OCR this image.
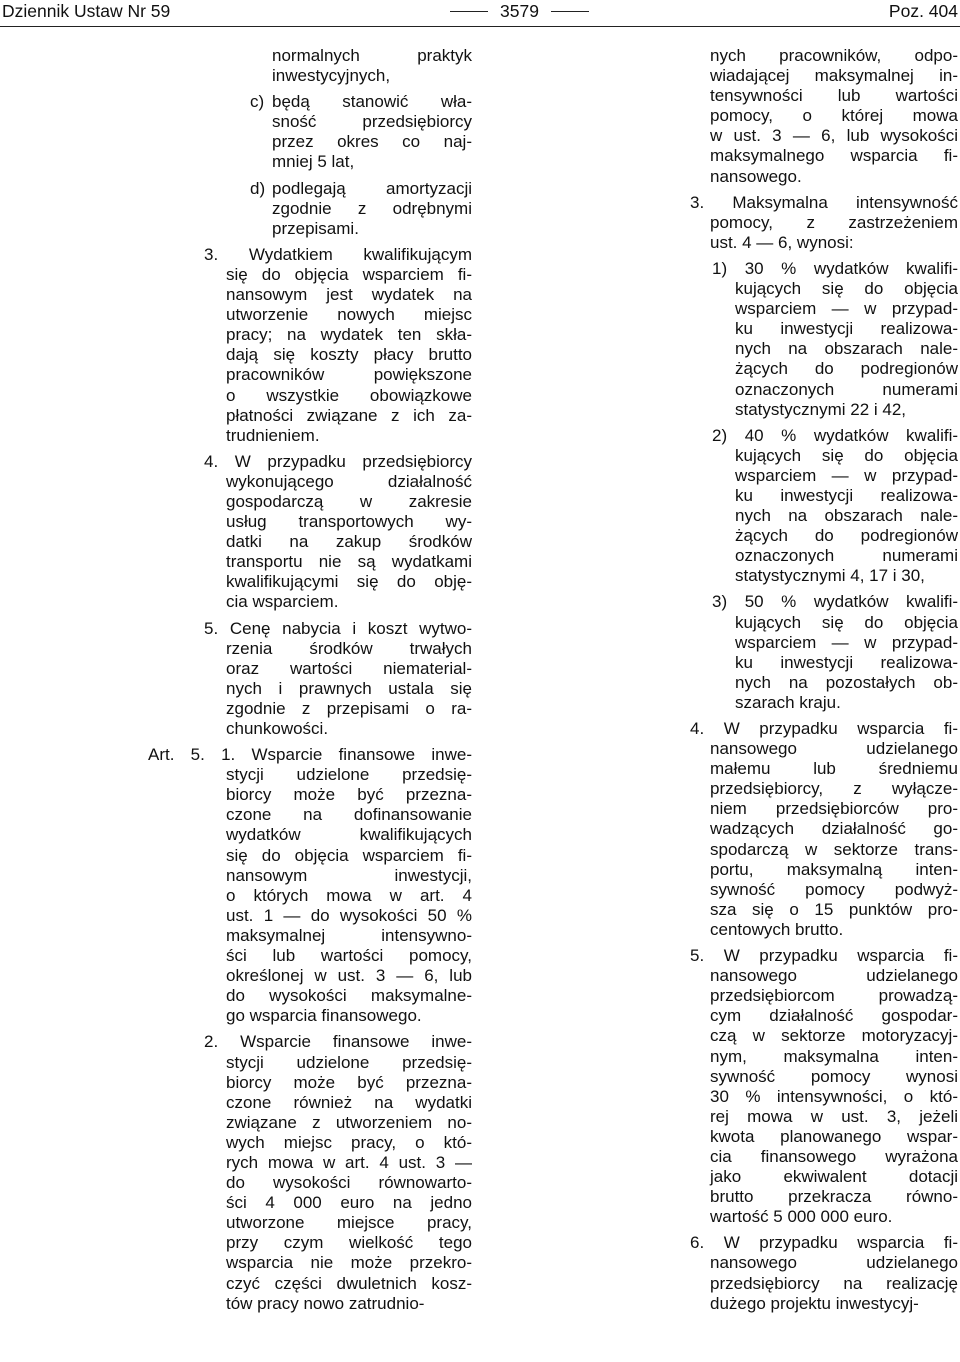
Dziennik Ustaw Nr 59	3579	Poz. 404
normalnych praktyk
inwestycyjnych,
c) będą stanowić wła-
sność przedsiębiorcy
przez okres co naj-
mniej 5 lat,
d) podlegają amortyzacji
zgodnie z odrębnymi
przepisami.
3. Wydatkiem kwalifikującym
się do objęcia wsparciem fi-
nansowym jest wydatek na
utworzenie nowych miejsc
pracy; na wydatek ten skła-
dają się koszty płacy brutto
pracowników powiększone
o wszystkie obowiązkowe
płatności związane z ich za-
trudnieniem.
4. W przypadku przedsiębiorcy
wykonującego działalność
gospodarczą w zakresie
usług transportowych wy-
datki na zakup środków
transportu nie są wydatkami
kwalifikującymi się do obję-
cia wsparciem.
5. Cenę nabycia i koszt wytwo-
rzenia środków trwałych
oraz wartości niematerial-
nych i prawnych ustala się
zgodnie z przepisami o ra-
chunkowości.
Art. 5. 1. Wsparcie finansowe inwe-
stycji udzielone przedsię-
biorcy może być przezna-
czone na dofinansowanie
wydatków kwalifikujących
się do objęcia wsparciem fi-
nansowym inwestycji,
o których mowa w art. 4
ust. 1 — do wysokości 50 %
maksymalnej intensywno-
ści lub wartości pomocy,
określonej w ust. 3 — 6, lub
do wysokości maksymalne-
go wsparcia finansowego.
2. Wsparcie finansowe inwe-
stycji udzielone przedsię-
biorcy może być przezna-
czone również na wydatki
związane z utworzeniem no-
wych miejsc pracy, o któ-
rych mowa w art. 4 ust. 3 —
do wysokości równowarto-
ści 4 000 euro na jedno
utworzone miejsce pracy,
przy czym wielkość tego
wsparcia nie może przekro-
czyć części dwuletnich kosz-
tów pracy nowo zatrudnio-
nych pracowników, odpo-
wiadającej maksymalnej in-
tensywności lub wartości
pomocy, o której mowa
w ust. 3 — 6, lub wysokości
maksymalnego wsparcia fi-
nansowego.
3. Maksymalna intensywność
pomocy, z zastrzeżeniem
ust. 4 — 6, wynosi:
1) 30 % wydatków kwalifi-
kujących się do objęcia
wsparciem — w przypad-
ku inwestycji realizowa-
nych na obszarach nale-
żących do podregionów
oznaczonych numerami
statystycznymi 22 i 42,
2) 40 % wydatków kwalifi-
kujących się do objęcia
wsparciem — w przypad-
ku inwestycji realizowa-
nych na obszarach nale-
żących do podregionów
oznaczonych numerami
statystycznymi 4, 17 i 30,
3) 50 % wydatków kwalifi-
kujących się do objęcia
wsparciem — w przypad-
ku inwestycji realizowa-
nych na pozostałych ob-
szarach kraju.
4. W przypadku wsparcia fi-
nansowego udzielanego
małemu lub średniemu
przedsiębiorcy, z wyłącze-
niem przedsiębiorców pro-
wadzących działalność go-
spodarczą w sektorze trans-
portu, maksymalną inten-
sywność pomocy podwyż-
sza się o 15 punktów pro-
centowych brutto.
5. W przypadku wsparcia fi-
nansowego udzielanego
przedsiębiorcom prowadzą-
cym działalność gospodar-
czą w sektorze motoryzacyj-
nym, maksymalna inten-
sywność pomocy wynosi
30 % intensywności, o któ-
rej mowa w ust. 3, jeżeli
kwota planowanego wspar-
cia finansowego wyrażona
jako ekwiwalent dotacji
brutto przekracza równo-
wartość 5 000 000 euro.
6. W przypadku wsparcia fi-
nansowego udzielanego
przedsiębiorcy na realizację
dużego projektu inwestycyj-
